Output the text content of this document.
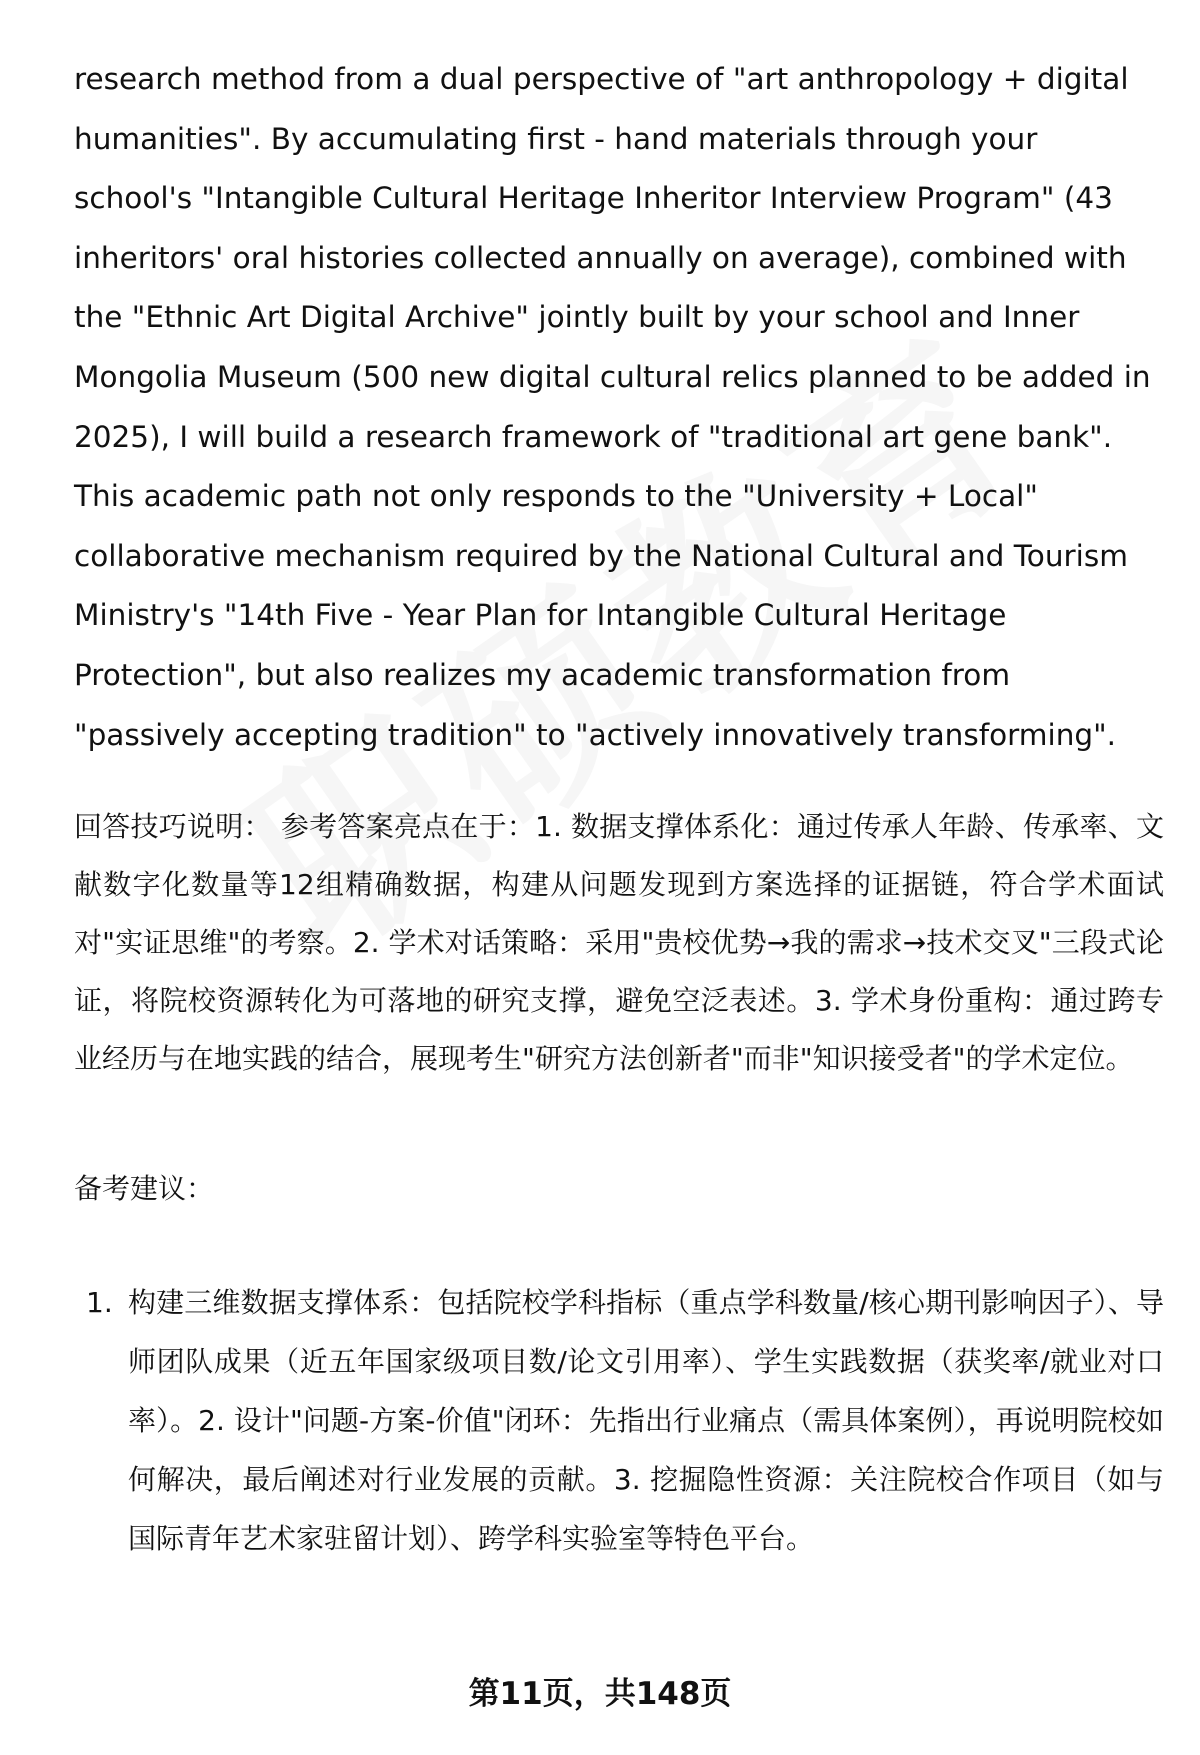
research method from a dual perspective of "art anthropology + digital humanities". By accumulating first - hand materials through your school's "Intangible Cultural Heritage Inheritor Interview Program" (43 inheritors' oral histories collected annually on average), combined with the "Ethnic Art Digital Archive" jointly built by your school and Inner Mongolia Museum (500 new digital cultural relics planned to be added in 2025), I will build a research framework of "traditional art gene bank". This academic path not only responds to the "University + Local" collaborative mechanism required by the National Cultural and Tourism Ministry's "14th Five - Year Plan for Intangible Cultural Heritage Protection", but also realizes my academic transformation from "passively accepting tradition" to "actively innovatively transforming".

回答技巧说明： 参考答案亮点在于：1. 数据支撑体系化：通过传承人年龄、传承率、文献数字化数量等12组精确数据，构建从问题发现到方案选择的证据链，符合学术面试对"实证思维"的考察。2. 学术对话策略：采用"贵校优势→我的需求→技术交叉"三段式论证，将院校资源转化为可落地的研究支撑，避免空泛表述。3. 学术身份重构：通过跨专业经历与在地实践的结合，展现考生"研究方法创新者"而非"知识接受者"的学术定位。

备考建议：

1. 构建三维数据支撑体系：包括院校学科指标（重点学科数量/核心期刊影响因子）、导师团队成果（近五年国家级项目数/论文引用率）、学生实践数据（获奖率/就业对口率）。2. 设计"问题-方案-价值"闭环：先指出行业痛点（需具体案例），再说明院校如何解决，最后阐述对行业发展的贡献。3. 挖掘隐性资源：关注院校合作项目（如与国际青年艺术家驻留计划）、跨学科实验室等特色平台。
第11页，共148页
